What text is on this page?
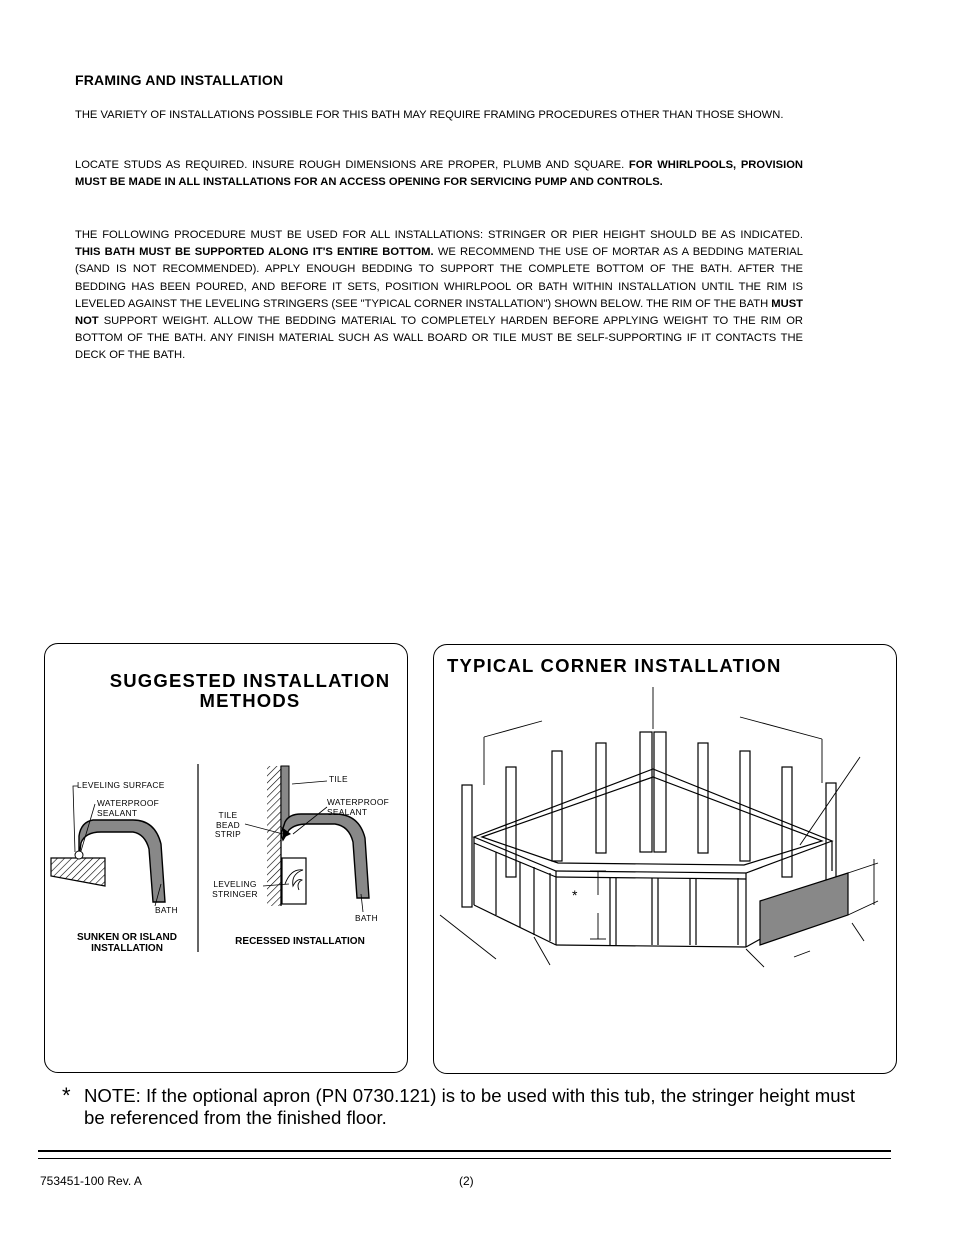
FRAMING AND INSTALLATION

THE VARIETY OF INSTALLATIONS POSSIBLE FOR THIS BATH MAY REQUIRE FRAMING PROCEDURES OTHER THAN THOSE SHOWN.

LOCATE STUDS AS REQUIRED. INSURE ROUGH DIMENSIONS ARE PROPER, PLUMB AND SQUARE. FOR WHIRLPOOLS, PROVISION MUST BE MADE IN ALL INSTALLATIONS FOR AN ACCESS OPENING FOR SERVICING PUMP AND CONTROLS.

THE FOLLOWING PROCEDURE MUST BE USED FOR ALL INSTALLATIONS: STRINGER OR PIER HEIGHT SHOULD BE AS INDICATED. THIS BATH MUST BE SUPPORTED ALONG IT'S ENTIRE BOTTOM. WE RECOMMEND THE USE OF MORTAR AS A BEDDING MATERIAL (SAND IS NOT RECOMMENDED). APPLY ENOUGH BEDDING TO SUPPORT THE COMPLETE BOTTOM OF THE BATH. AFTER THE BEDDING HAS BEEN POURED, AND BEFORE IT SETS, POSITION WHIRLPOOL OR BATH WITHIN INSTALLATION UNTIL THE RIM IS LEVELED AGAINST THE LEVELING STRINGERS (SEE "TYPICAL CORNER INSTALLATION") SHOWN BELOW. THE RIM OF THE BATH MUST NOT SUPPORT WEIGHT. ALLOW THE BEDDING MATERIAL TO COMPLETELY HARDEN BEFORE APPLYING WEIGHT TO THE RIM OR BOTTOM OF THE BATH. ANY FINISH MATERIAL SUCH AS WALL BOARD OR TILE MUST BE SELF-SUPPORTING IF IT CONTACTS THE DECK OF THE BATH.

SUGGESTED INSTALLATION METHODS
LEVELING SURFACE
WATERPROOF SEALANT
BATH
TILE
WATERPROOF SEALANT
TILE BEAD STRIP
LEVELING STRINGER
BATH
SUNKEN OR ISLAND INSTALLATION
RECESSED INSTALLATION
TYPICAL CORNER INSTALLATION
*

* NOTE: If the optional apron (PN 0730.121) is to be used with this tub, the stringer height must be referenced from the finished floor.

753451-100 Rev. A	(2)
